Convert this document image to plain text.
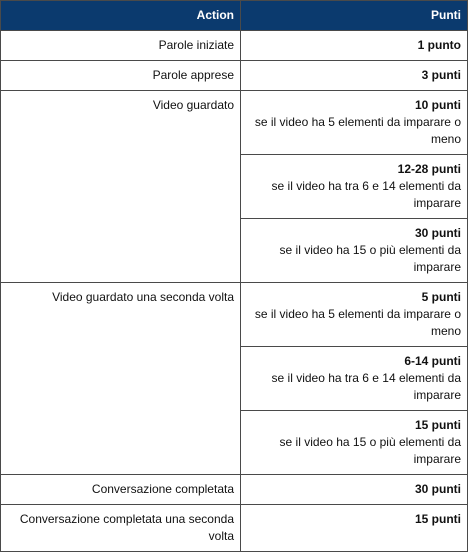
Action	Punti
Parole iniziate	1 punto

Parole apprese	3 punti

Video guardato	10 punti
se il video ha 5 elementi da imparare o meno

	12-28 punti
se il video ha tra 6 e 14 elementi da imparare

	30 punti
se il video ha 15 o più elementi da imparare

Video guardato una seconda volta	5 punti
se il video ha 5 elementi da imparare o meno

	6-14 punti
se il video ha tra 6 e 14 elementi da imparare

	15 punti
se il video ha 15 o più elementi da imparare

Conversazione completata	30 punti

Conversazione completata una seconda volta	15 punti
